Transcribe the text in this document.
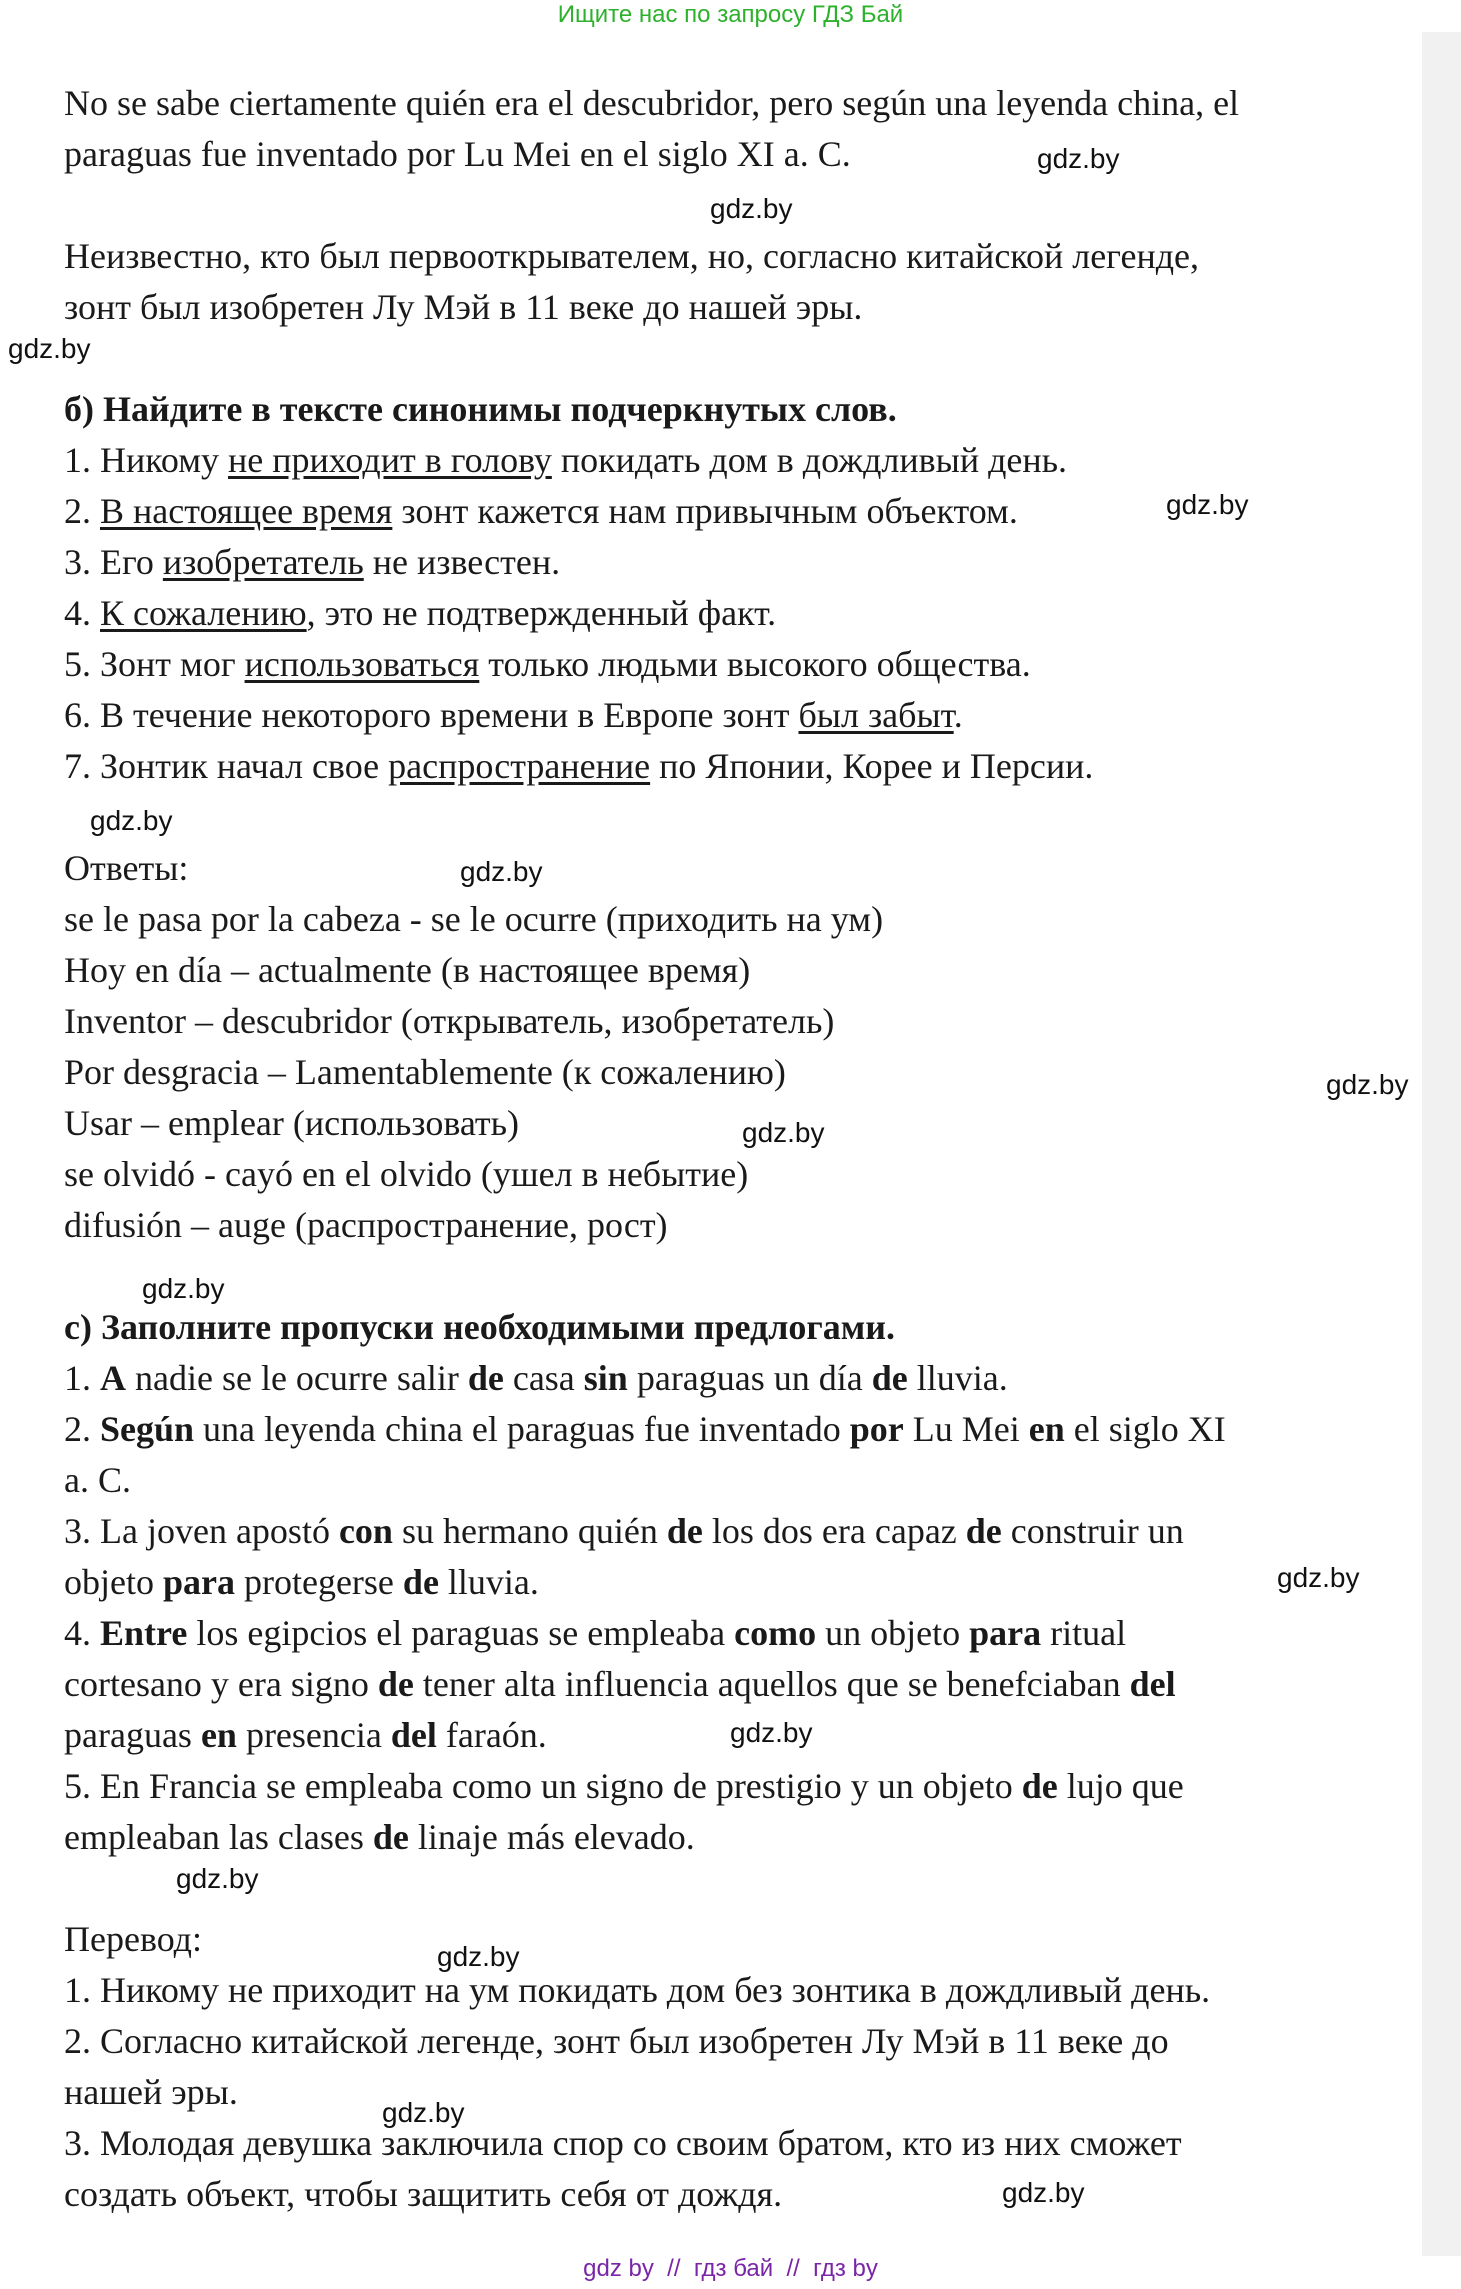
Ищите нас по запросу ГДЗ Бай

No se sabe ciertamente quién era el descubridor, pero según una leyenda china, el

paraguas fue inventado por Lu Mei en el siglo XI a. C.

Неизвестно, кто был первооткрывателем, но, согласно китайской легенде,

зонт был изобретен Лу Мэй в 11 веке до нашей эры.

б) Найдите в тексте синонимы подчеркнутых слов.

1. Никому не приходит в голову покидать дом в дождливый день.

2. В настоящее время зонт кажется нам привычным объектом.

3. Его изобретатель не известен.

4. К сожалению, это не подтвержденный факт.

5. Зонт мог использоваться только людьми высокого общества.

6. В течение некоторого времени в Европе зонт был забыт.

7. Зонтик начал свое распространение по Японии, Корее и Персии.

Ответы:

se le pasa por la cabeza - se le ocurre (приходить на ум)

Hoy en día – actualmente (в настоящее время)

Inventor – descubridor (открыватель, изобретатель)

Por desgracia – Lamentablemente (к сожалению)

Usar – emplear (использовать)

se olvidó - cayó en el olvido (ушел в небытие)

difusión – auge (распространение, рост)

c) Заполните пропуски необходимыми предлогами.

1. A nadie se le ocurre salir de casa sin paraguas un día de lluvia.

2. Según una leyenda china el paraguas fue inventado por Lu Mei en el siglo XI

a. C.

3. La joven apostó con su hermano quién de los dos era capaz de construir un

objeto para protegerse de lluvia.

4. Entre los egipcios el paraguas se empleaba como un objeto para ritual

cortesano y era signo de tener alta influencia aquellos que se benefciaban del

paraguas en presencia del faraón.

5. En Francia se empleaba como un signo de prestigio y un objeto de lujo que

empleaban las clases de linaje más elevado.

Перевод:

1. Никому не приходит на ум покидать дом без зонтика в дождливый день.

2. Согласно китайской легенде, зонт был изобретен Лу Мэй в 11 веке до

нашей эры.

3. Молодая девушка заключила спор со своим братом, кто из них сможет

создать объект, чтобы защитить себя от дождя.

gdz.by
gdz.by
gdz.by
gdz.by
gdz.by
gdz.by
gdz.by
gdz.by
gdz.by
gdz.by
gdz.by
gdz.by
gdz.by
gdz.by
gdz.by
gdz by  //  гдз бай  //  гдз by
